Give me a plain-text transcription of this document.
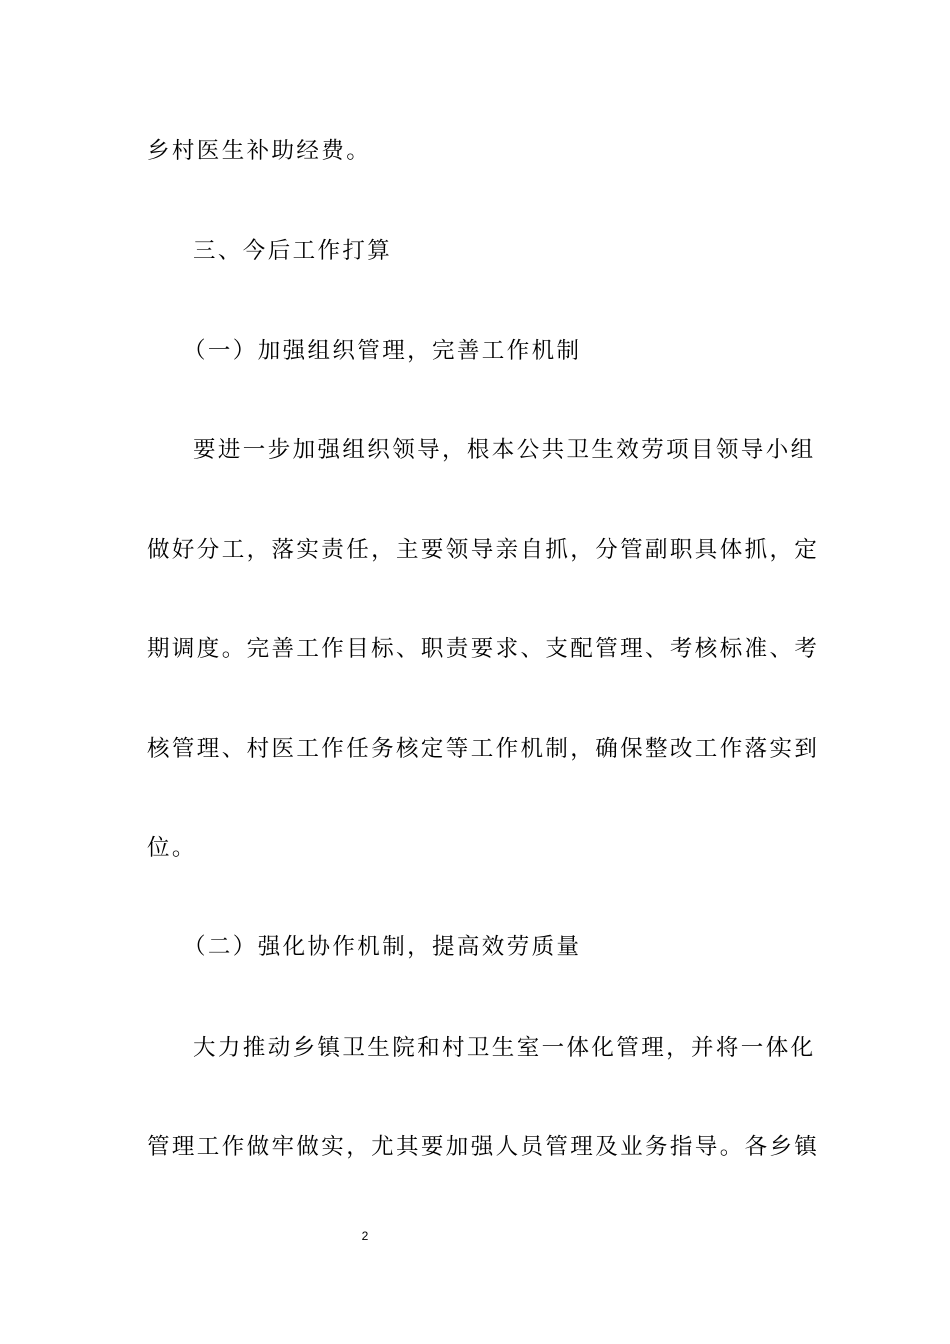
乡村医生补助经费。
三、今后工作打算
（一）加强组织管理，完善工作机制
要进一步加强组织领导，根本公共卫生效劳项目领导小组
做好分工，落实责任，主要领导亲自抓，分管副职具体抓，定
期调度。完善工作目标、职责要求、支配管理、考核标准、考
核管理、村医工作任务核定等工作机制，确保整改工作落实到
位。
（二）强化协作机制，提高效劳质量
大力推动乡镇卫生院和村卫生室一体化管理，并将一体化
管理工作做牢做实，尤其要加强人员管理及业务指导。各乡镇
2
